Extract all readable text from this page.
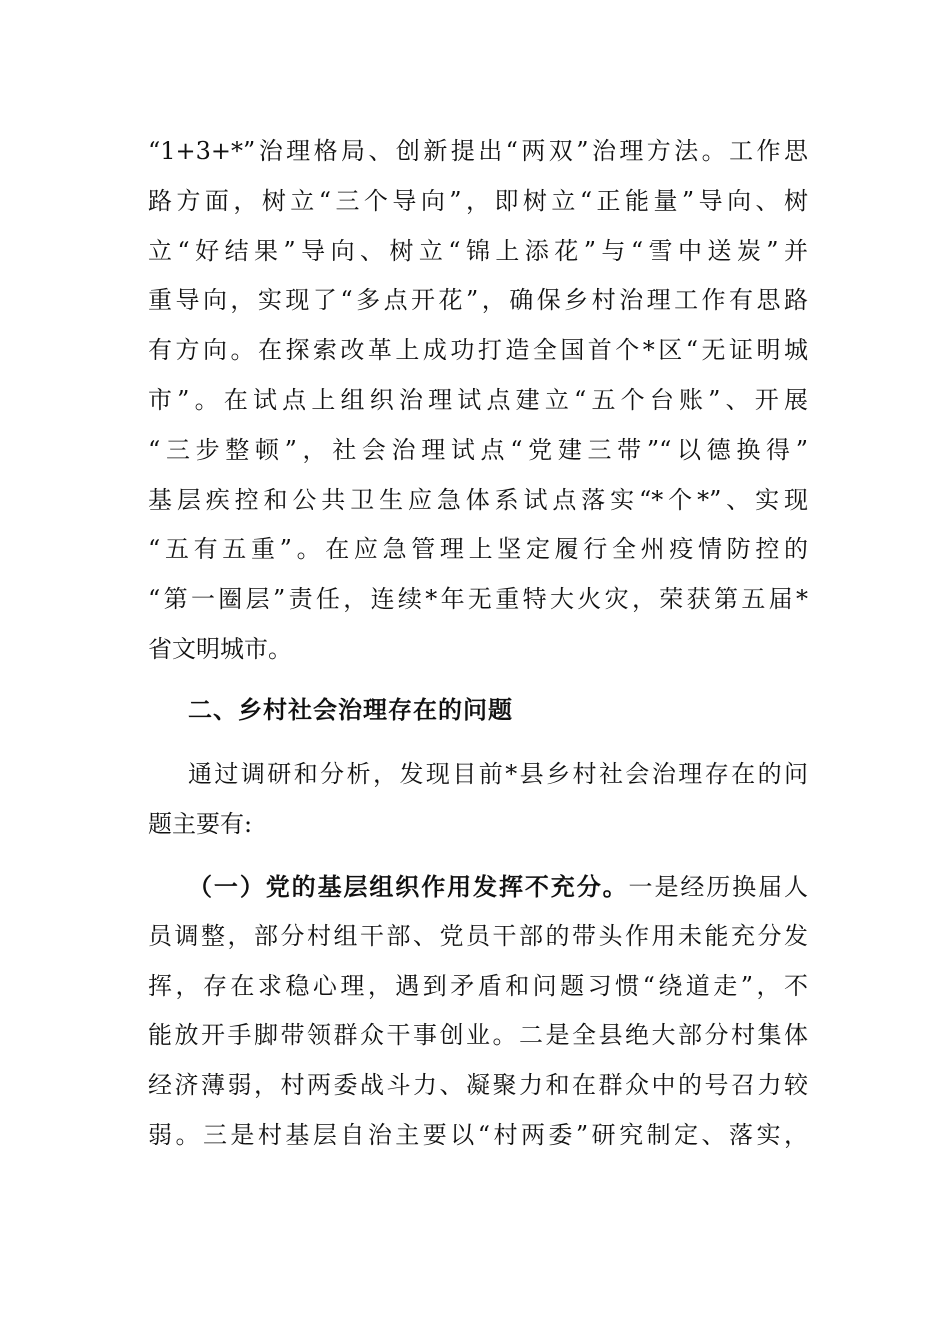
“1+3+*”治理格局、创新提出“两双”治理方法。工作思
路方面，树立“三个导向”，即树立“正能量”导向、树
立“好结果”导向、树立“锦上添花”与“雪中送炭”并
重导向，实现了“多点开花”，确保乡村治理工作有思路
有方向。在探索改革上成功打造全国首个*区“无证明城
市”。在试点上组织治理试点建立“五个台账”、开展
“三步整顿”，社会治理试点“党建三带”“以德换得”
基层疾控和公共卫生应急体系试点落实“*个*”、实现
“五有五重”。在应急管理上坚定履行全州疫情防控的
“第一圈层”责任，连续*年无重特大火灾，荣获第五届*
省文明城市。
二、乡村社会治理存在的问题
通过调研和分析，发现目前*县乡村社会治理存在的问
题主要有:
（一）党的基层组织作用发挥不充分。一是经历换届人
员调整，部分村组干部、党员干部的带头作用未能充分发
挥，存在求稳心理，遇到矛盾和问题习惯“绕道走”，不
能放开手脚带领群众干事创业。二是全县绝大部分村集体
经济薄弱，村两委战斗力、凝聚力和在群众中的号召力较
弱。三是村基层自治主要以“村两委”研究制定、落实，
